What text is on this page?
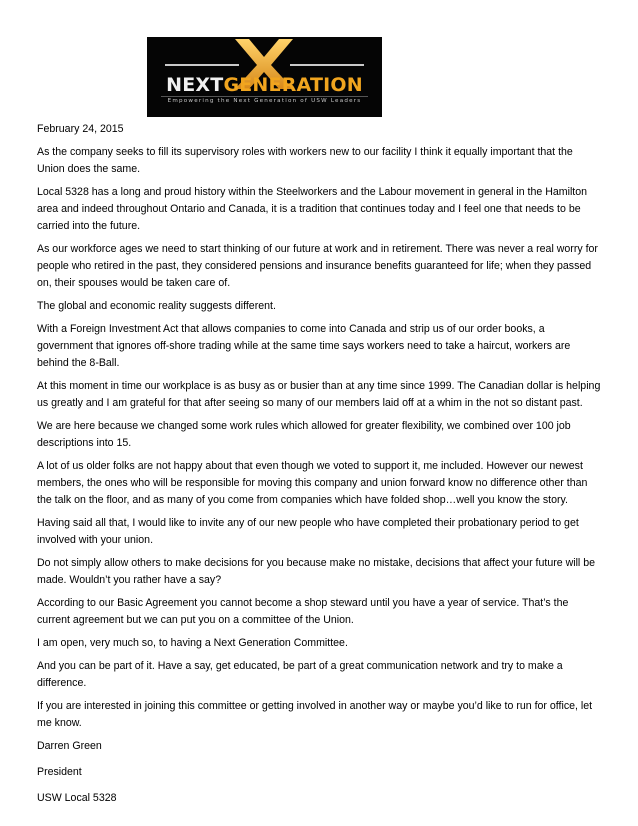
NEXTGENERATION
Empowering the Next Generation of USW Leaders

February 24, 2015

As the company seeks to fill its supervisory roles with workers new to our facility I think it equally important that the Union does the same.

Local 5328 has a long and proud history within the Steelworkers and the Labour movement in general in the Hamilton area and indeed throughout Ontario and Canada, it is a tradition that continues today and I feel one that needs to be carried into the future.

As our workforce ages we need to start thinking of our future at work and in retirement. There was never a real worry for people who retired in the past, they considered pensions and insurance benefits guaranteed for life; when they passed on, their spouses would be taken care of.

The global and economic reality suggests different.

With a Foreign Investment Act that allows companies to come into Canada and strip us of our order books, a government that ignores off-shore trading while at the same time says workers need to take a haircut, workers are behind the 8-Ball.

At this moment in time our workplace is as busy as or busier than at any time since 1999. The Canadian dollar is helping us greatly and I am grateful for that after seeing so many of our members laid off at a whim in the not so distant past.

We are here because we changed some work rules which allowed for greater flexibility, we combined over 100 job descriptions into 15.

A lot of us older folks are not happy about that even though we voted to support it, me included. However our newest members, the ones who will be responsible for moving this company and union forward know no difference other than the talk on the floor, and as many of you come from companies which have folded shop…well you know the story.

Having said all that, I would like to invite any of our new people who have completed their probationary period to get involved with your union.

Do not simply allow others to make decisions for you because make no mistake, decisions that affect your future will be made. Wouldn’t you rather have a say?

According to our Basic Agreement you cannot become a shop steward until you have a year of service. That’s the current agreement but we can put you on a committee of the Union.

I am open, very much so, to having a Next Generation Committee.

And you can be part of it. Have a say, get educated, be part of a great communication network and try to make a difference.

If you are interested in joining this committee or getting involved in another way or maybe you’d like to run for office, let me know.

Darren Green

President

USW Local 5328
